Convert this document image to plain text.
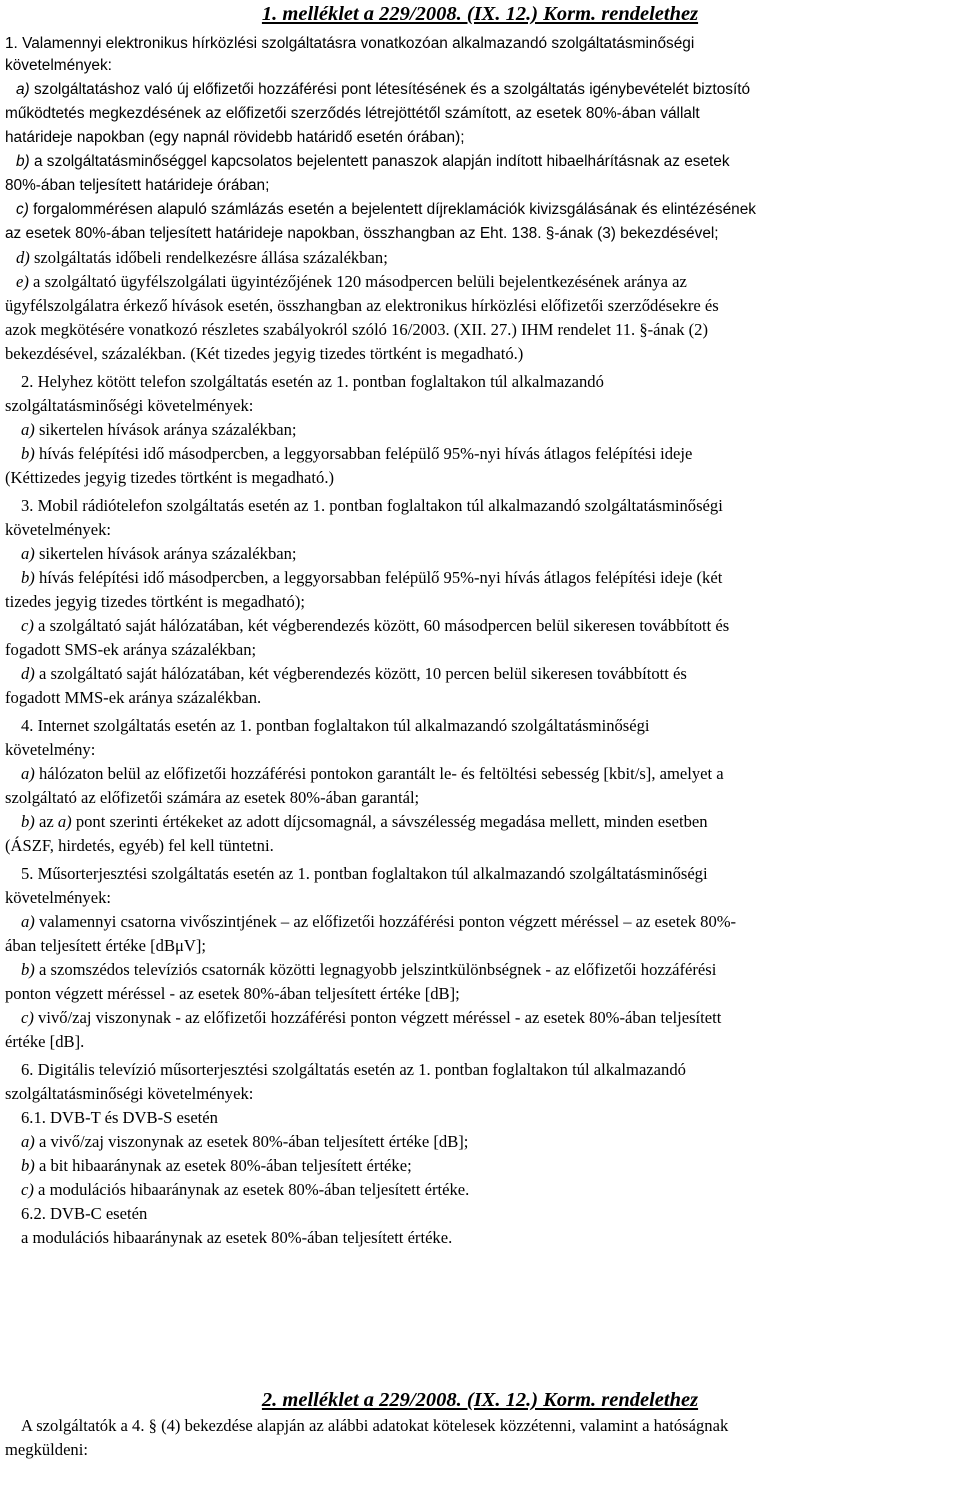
1. melléklet a 229/2008. (IX. 12.) Korm. rendelethez
1. Valamennyi elektronikus hírközlési szolgáltatásra vonatkozóan alkalmazandó szolgáltatásminőségi
követelmények:
a) szolgáltatáshoz való új előfizetői hozzáférési pont létesítésének és a szolgáltatás igénybevételét biztosító
működtetés megkezdésének az előfizetői szerződés létrejöttétől számított, az esetek 80%-ában vállalt
határideje napokban (egy napnál rövidebb határidő esetén órában);
b) a szolgáltatásminőséggel kapcsolatos bejelentett panaszok alapján indított hibaelhárításnak az esetek
80%-ában teljesített határideje órában;
c) forgalommérésen alapuló számlázás esetén a bejelentett díjreklamációk kivizsgálásának és elintézésének
az esetek 80%-ában teljesített határideje napokban, összhangban az Eht. 138. §-ának (3) bekezdésével;
d) szolgáltatás időbeli rendelkezésre állása százalékban;
e) a szolgáltató ügyfélszolgálati ügyintézőjének 120 másodpercen belüli bejelentkezésének aránya az
ügyfélszolgálatra érkező hívások esetén, összhangban az elektronikus hírközlési előfizetői szerződésekre és
azok megkötésére vonatkozó részletes szabályokról szóló 16/2003. (XII. 27.) IHM rendelet 11. §-ának (2)
bekezdésével, százalékban. (Két tizedes jegyig tizedes törtként is megadható.)
2. Helyhez kötött telefon szolgáltatás esetén az 1. pontban foglaltakon túl alkalmazandó
szolgáltatásminőségi követelmények:
a) sikertelen hívások aránya százalékban;
b) hívás felépítési idő másodpercben, a leggyorsabban felépülő 95%-nyi hívás átlagos felépítési ideje
(Kéttizedes jegyig tizedes törtként is megadható.)
3. Mobil rádiótelefon szolgáltatás esetén az 1. pontban foglaltakon túl alkalmazandó szolgáltatásminőségi
követelmények:
a) sikertelen hívások aránya százalékban;
b) hívás felépítési idő másodpercben, a leggyorsabban felépülő 95%-nyi hívás átlagos felépítési ideje (két
tizedes jegyig tizedes törtként is megadható);
c) a szolgáltató saját hálózatában, két végberendezés között, 60 másodpercen belül sikeresen továbbított és
fogadott SMS-ek aránya százalékban;
d) a szolgáltató saját hálózatában, két végberendezés között, 10 percen belül sikeresen továbbított és
fogadott MMS-ek aránya százalékban.
4. Internet szolgáltatás esetén az 1. pontban foglaltakon túl alkalmazandó szolgáltatásminőségi
követelmény:
a) hálózaton belül az előfizetői hozzáférési pontokon garantált le- és feltöltési sebesség [kbit/s], amelyet a
szolgáltató az előfizetői számára az esetek 80%-ában garantál;
b) az a) pont szerinti értékeket az adott díjcsomagnál, a sávszélesség megadása mellett, minden esetben
(ÁSZF, hirdetés, egyéb) fel kell tüntetni.
5. Műsorterjesztési szolgáltatás esetén az 1. pontban foglaltakon túl alkalmazandó szolgáltatásminőségi
követelmények:
a) valamennyi csatorna vivőszintjének – az előfizetői hozzáférési ponton végzett méréssel – az esetek 80%-
ában teljesített értéke [dBμV];
b) a szomszédos televíziós csatornák közötti legnagyobb jelszintkülönbségnek - az előfizetői hozzáférési
ponton végzett méréssel - az esetek 80%-ában teljesített értéke [dB];
c) vivő/zaj viszonynak - az előfizetői hozzáférési ponton végzett méréssel - az esetek 80%-ában teljesített
értéke [dB].
6. Digitális televízió műsorterjesztési szolgáltatás esetén az 1. pontban foglaltakon túl alkalmazandó
szolgáltatásminőségi követelmények:
6.1. DVB-T és DVB-S esetén
a) a vivő/zaj viszonynak az esetek 80%-ában teljesített értéke [dB];
b) a bit hibaaránynak az esetek 80%-ában teljesített értéke;
c) a modulációs hibaaránynak az esetek 80%-ában teljesített értéke.
6.2. DVB-C esetén
a modulációs hibaaránynak az esetek 80%-ában teljesített értéke.
A szolgáltatók a 4. § (4) bekezdése alapján az alábbi adatokat kötelesek közzétenni, valamint a hatóságnak
megküldeni:
2. melléklet a 229/2008. (IX. 12.) Korm. rendelethez
